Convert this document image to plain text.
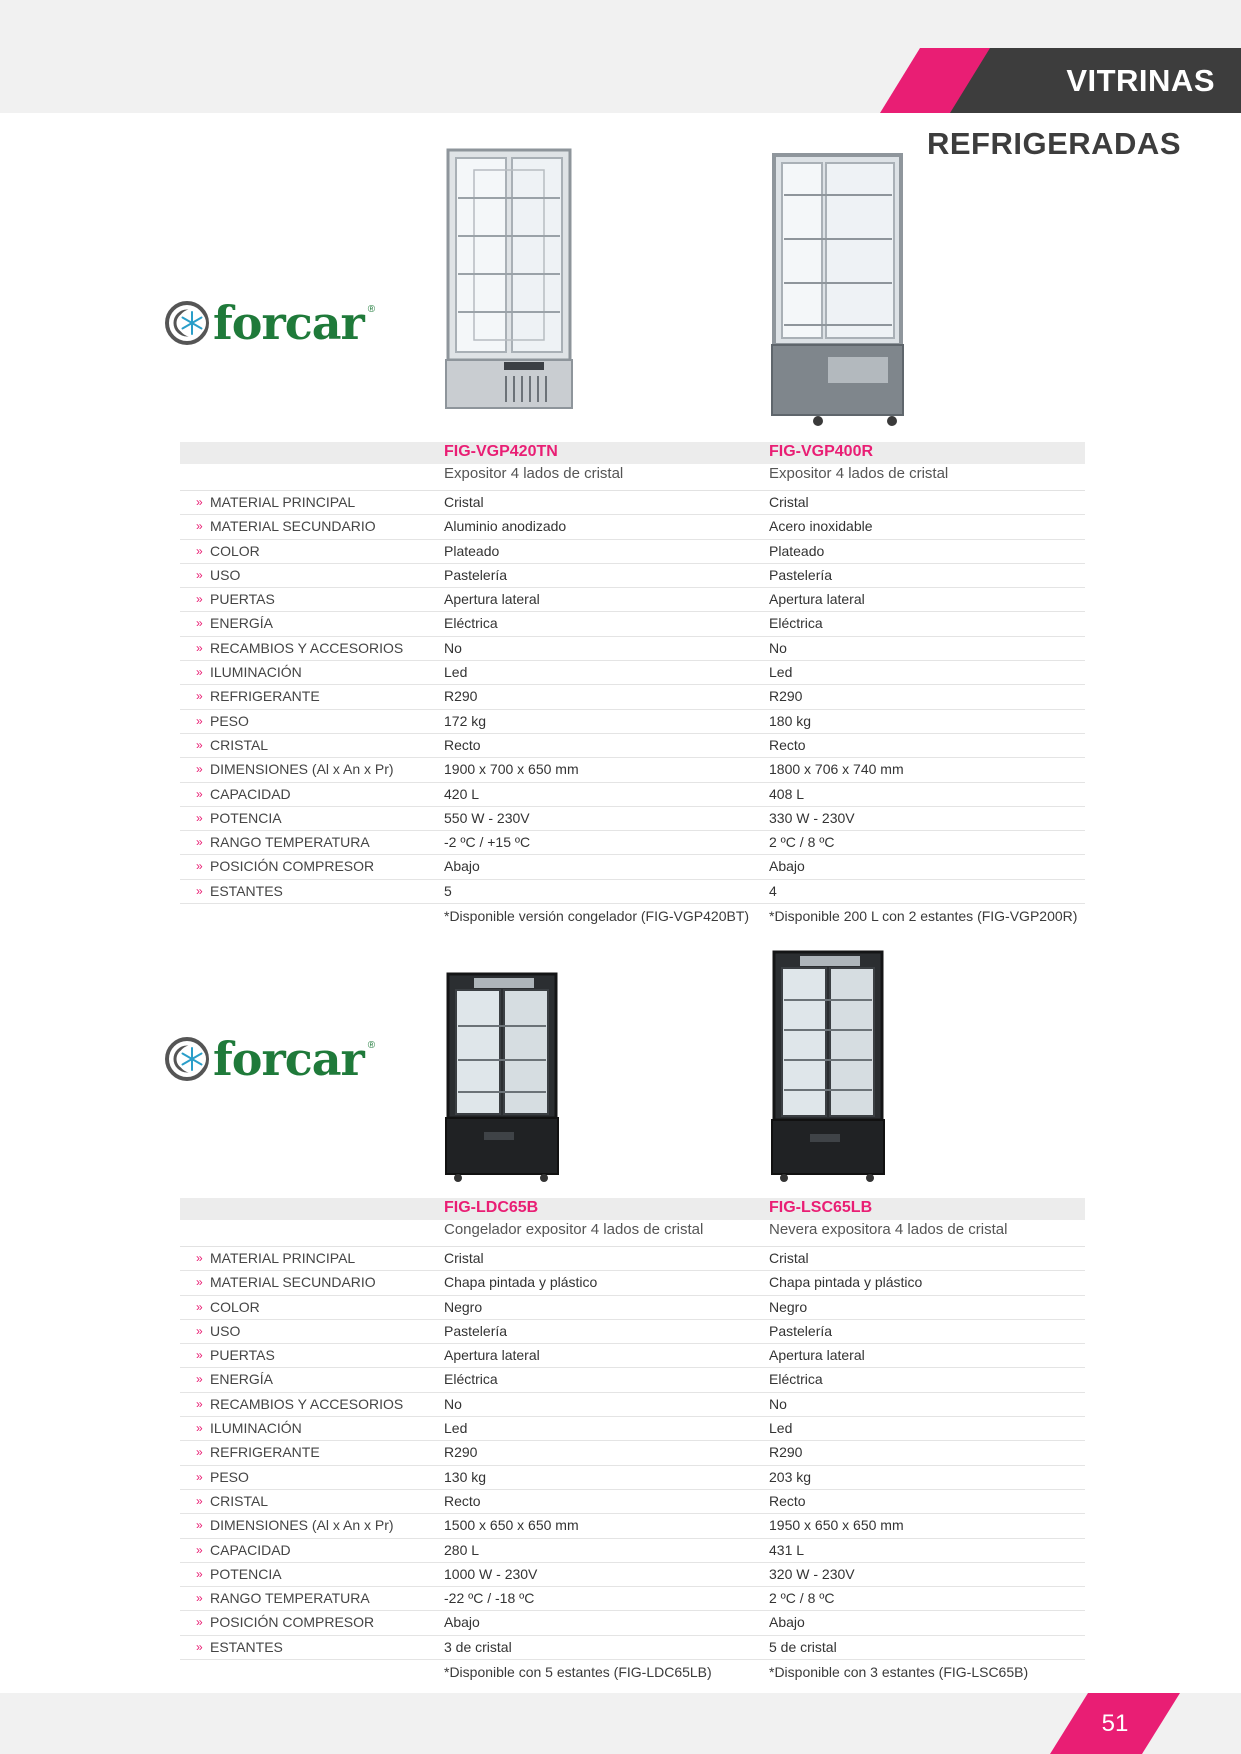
VITRINAS
REFRIGERADAS
forcar ®
forcar ®
FIG-VGP420TN	FIG-VGP400R
Expositor 4 lados de cristal	Expositor 4 lados de cristal
» MATERIAL PRINCIPAL	Cristal	Cristal
» MATERIAL SECUNDARIO	Aluminio anodizado	Acero inoxidable
» COLOR	Plateado	Plateado
» USO	Pastelería	Pastelería
» PUERTAS	Apertura lateral	Apertura lateral
» ENERGÍA	Eléctrica	Eléctrica
» RECAMBIOS Y ACCESORIOS	No	No
» ILUMINACIÓN	Led	Led
» REFRIGERANTE	R290	R290
» PESO	172 kg	180 kg
» CRISTAL	Recto	Recto
» DIMENSIONES (Al x An x Pr)	1900 x 700 x 650 mm	1800 x 706 x 740 mm
» CAPACIDAD	420 L	408 L
» POTENCIA	550 W - 230V	330 W - 230V
» RANGO TEMPERATURA	-2 ºC / +15 ºC	2 ºC / 8 ºC
» POSICIÓN COMPRESOR	Abajo	Abajo
» ESTANTES	5	4
*Disponible versión congelador (FIG-VGP420BT) *Disponible 200 L con 2 estantes (FIG-VGP200R)
FIG-LDC65B	FIG-LSC65LB
Congelador expositor 4 lados de cristal	Nevera expositora 4 lados de cristal
» MATERIAL PRINCIPAL	Cristal	Cristal
» MATERIAL SECUNDARIO	Chapa pintada y plástico	Chapa pintada y plástico
» COLOR	Negro	Negro
» USO	Pastelería	Pastelería
» PUERTAS	Apertura lateral	Apertura lateral
» ENERGÍA	Eléctrica	Eléctrica
» RECAMBIOS Y ACCESORIOS	No	No
» ILUMINACIÓN	Led	Led
» REFRIGERANTE	R290	R290
» PESO	130 kg	203 kg
» CRISTAL	Recto	Recto
» DIMENSIONES (Al x An x Pr)	1500 x 650 x 650 mm	1950 x 650 x 650 mm
» CAPACIDAD	280 L	431 L
» POTENCIA	1000 W - 230V	320 W - 230V
» RANGO TEMPERATURA	-22 ºC / -18 ºC	2 ºC / 8 ºC
» POSICIÓN COMPRESOR	Abajo	Abajo
» ESTANTES	3 de cristal	5 de cristal
*Disponible con 5 estantes (FIG-LDC65LB)	*Disponible con 3 estantes (FIG-LSC65B)
51
